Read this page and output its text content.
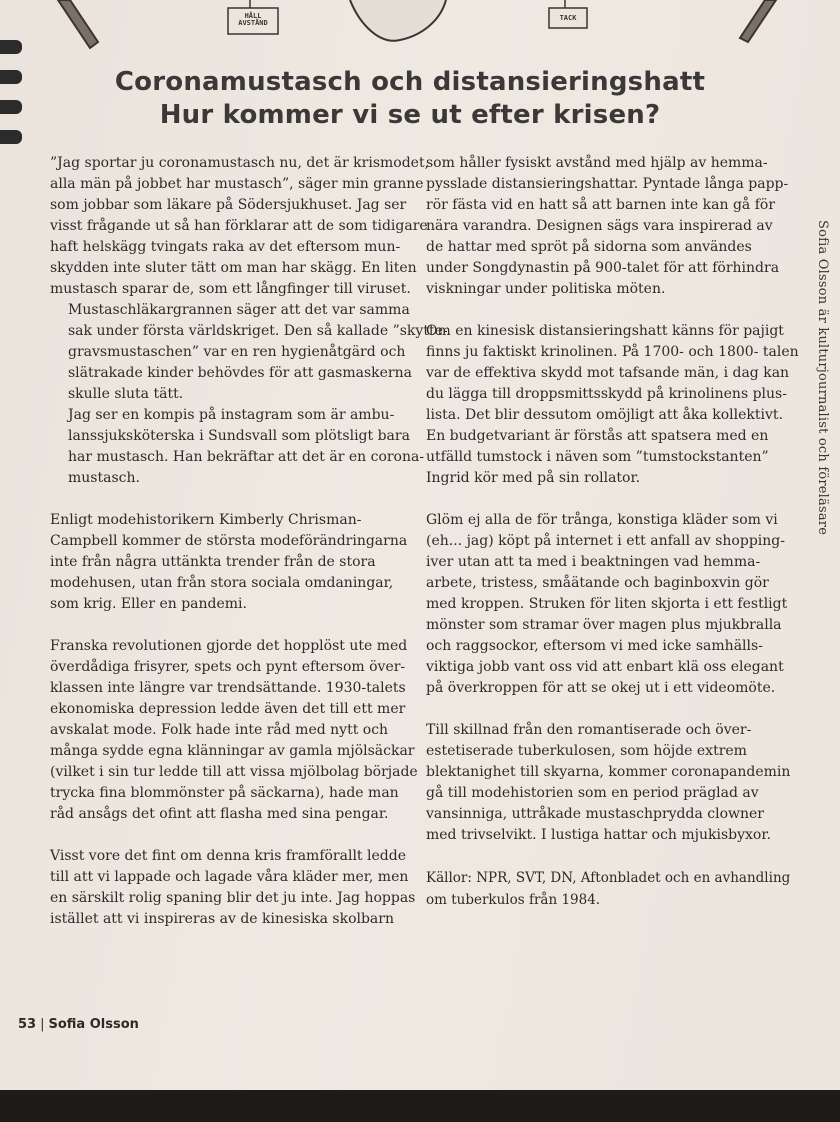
HÅLL
AVSTÅND
TACK
Coronamustasch och distansieringshatt
Hur kommer vi se ut efter krisen?

”Jag sportar ju coronamustasch nu, det är krismodet,
alla män på jobbet har mustasch”, säger min granne
som jobbar som läkare på Södersjukhuset. Jag ser
visst frågande ut så han förklarar att de som tidigare
haft helskägg tvingats raka av det eftersom mun-
skydden inte sluter tätt om man har skägg. En liten
mustasch sparar de, som ett långfinger till viruset.

Mustaschläkargrannen säger att det var samma
sak under första världskriget. Den så kallade ”skytte-
gravsmustaschen” var en ren hygienåtgärd och
slätrakade kinder behövdes för att gasmaskerna
skulle sluta tätt.

Jag ser en kompis på instagram som är ambu-
lanssjuksköterska i Sundsvall som plötsligt bara
har mustasch. Han bekräftar att det är en corona-
mustasch.

Enligt modehistorikern Kimberly Chrisman-
Campbell kommer de största modeförändringarna
inte från några uttänkta trender från de stora
modehusen, utan från stora sociala omdaningar,
som krig. Eller en pandemi.

Franska revolutionen gjorde det hopplöst ute med
överdådiga frisyrer, spets och pynt eftersom över-
klassen inte längre var trendsättande. 1930-talets
ekonomiska depression ledde även det till ett mer
avskalat mode. Folk hade inte råd med nytt och
många sydde egna klänningar av gamla mjölsäckar
(vilket i sin tur ledde till att vissa mjölbolag började
trycka fina blommönster på säckarna), hade man
råd ansågs det ofint att flasha med sina pengar.

Visst vore det fint om denna kris framförallt ledde
till att vi lappade och lagade våra kläder mer, men
en särskilt rolig spaning blir det ju inte. Jag hoppas
istället att vi inspireras av de kinesiska skolbarn

som håller fysiskt avstånd med hjälp av hemma-
pysslade distansieringshattar. Pyntade långa papp-
rör fästa vid en hatt så att barnen inte kan gå för
nära varandra. Designen sägs vara inspirerad av
de hattar med spröt på sidorna som användes
under Songdynastin på 900-talet för att förhindra
viskningar under politiska möten.

Om en kinesisk distansieringshatt känns för pajigt
finns ju faktiskt krinolinen. På 1700- och 1800- talen
var de effektiva skydd mot tafsande män, i dag kan
du lägga till droppsmittsskydd på krinolinens plus-
lista. Det blir dessutom omöjligt att åka kollektivt.
En budgetvariant är förstås att spatsera med en
utfälld tumstock i näven som ”tumstockstanten”
Ingrid kör med på sin rollator.

Glöm ej alla de för trånga, konstiga kläder som vi
(eh... jag) köpt på internet i ett anfall av shopping-
iver utan att ta med i beaktningen vad hemma-
arbete, tristess, småätande och baginboxvin gör
med kroppen. Struken för liten skjorta i ett festligt
mönster som stramar över magen plus mjukbralla
och raggsockor, eftersom vi med icke samhälls-
viktiga jobb vant oss vid att enbart klä oss elegant
på överkroppen för att se okej ut i ett videomöte.

Till skillnad från den romantiserade och över-
estetiserade tuberkulosen, som höjde extrem
blektanighet till skyarna, kommer coronapandemin
gå till modehistorien som en period präglad av
vansinniga, uttråkade mustaschprydda clowner
med trivselvikt. I lustiga hattar och mjukisbyxor.

Källor: NPR, SVT, DN, Aftonbladet och en avhandling
om tuberkulos från 1984.

Sofia Olsson är kulturjournalist och föreläsare
53 | Sofia Olsson
